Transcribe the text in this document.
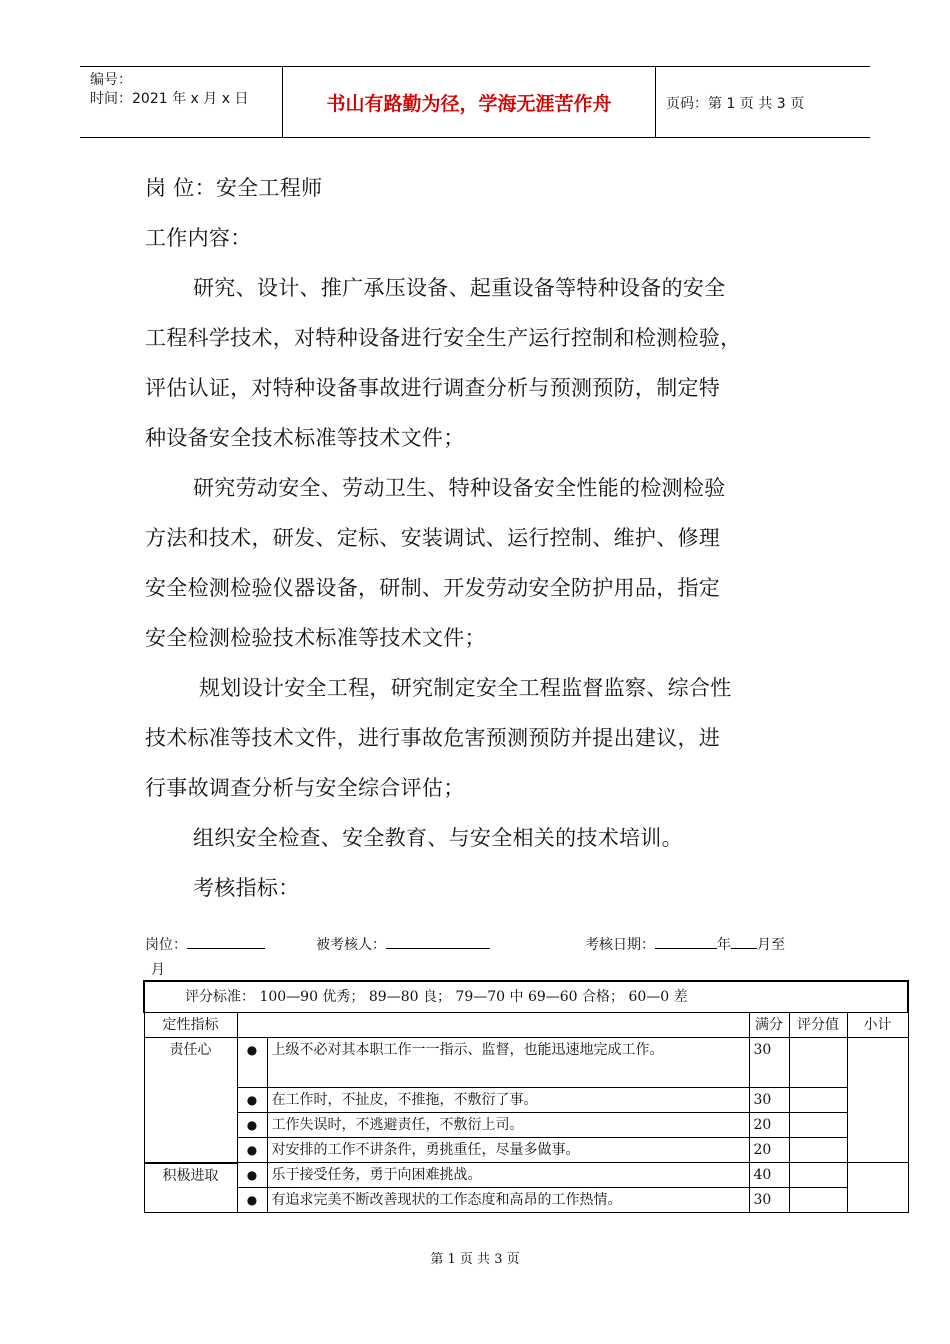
编号：
时间：2021 年 x 月 x 日	书山有路勤为径，学海无涯苦作舟	页码：第 1 页 共 3 页
岗 位：安全工程师
工作内容：
研究、设计、推广承压设备、起重设备等特种设备的安全
工程科学技术，对特种设备进行安全生产运行控制和检测检验，
评估认证，对特种设备事故进行调查分析与预测预防，制定特
种设备安全技术标准等技术文件；
研究劳动安全、劳动卫生、特种设备安全性能的检测检验
方法和技术，研发、定标、安装调试、运行控制、维护、修理
安全检测检验仪器设备，研制、开发劳动安全防护用品，指定
安全检测检验技术标准等技术文件；
规划设计安全工程，研究制定安全工程监督监察、综合性
技术标准等技术文件，进行事故危害预测预防并提出建议，进
行事故调查分析与安全综合评估；
组织安全检查、安全教育、与安全相关的技术培训。
考核指标：
岗位：	被考核人：	考核日期：	年 月至
月
评分标准： 100—90 优秀； 89—80 良； 79—70 中 69—60 合格； 60—0 差					
定性指标			满分	评分值	小计
责任心	●	上级不必对其本职工作一一指示、监督，也能迅速地完成工作。	30		
	●	在工作时，不扯皮，不推拖，不敷衍了事。	30		
	●	工作失误时，不逃避责任，不敷衍上司。	20		
	●	对安排的工作不讲条件，勇挑重任，尽量多做事。	20		
积极进取	●	乐于接受任务，勇于向困难挑战。	40		
	●	有追求完美不断改善现状的工作态度和高昂的工作热情。	30		
第 1 页 共 3 页
